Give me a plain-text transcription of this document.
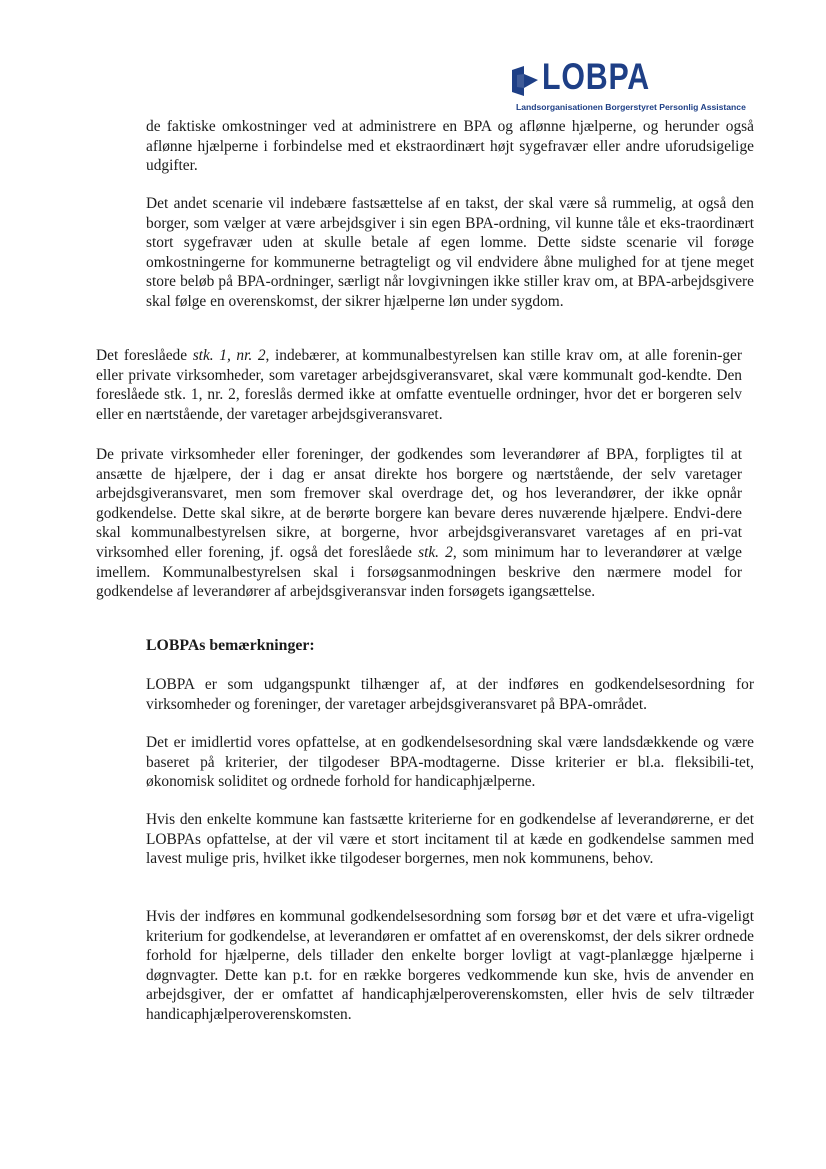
LOBPA
Landsorganisationen Borgerstyret Personlig Assistance
de faktiske omkostninger ved at administrere en BPA og aflønne hjælperne, og herunder også aflønne hjælperne i forbindelse med et ekstraordinært højt sygefravær eller andre uforudsigelige udgifter.
Det andet scenarie vil indebære fastsættelse af en takst, der skal være så rummelig, at også den borger, som vælger at være arbejdsgiver i sin egen BPA-ordning, vil kunne tåle et eks-traordinært stort sygefravær uden at skulle betale af egen lomme. Dette sidste scenarie vil forøge omkostningerne for kommunerne betragteligt og vil endvidere åbne mulighed for at tjene meget store beløb på BPA-ordninger, særligt når lovgivningen ikke stiller krav om, at BPA-arbejdsgivere skal følge en overenskomst, der sikrer hjælperne løn under sygdom.
Det foreslåede stk. 1, nr. 2, indebærer, at kommunalbestyrelsen kan stille krav om, at alle forenin-ger eller private virksomheder, som varetager arbejdsgiveransvaret, skal være kommunalt god-kendte. Den foreslåede stk. 1, nr. 2, foreslås dermed ikke at omfatte eventuelle ordninger, hvor det er borgeren selv eller en nærtstående, der varetager arbejdsgiveransvaret.
De private virksomheder eller foreninger, der godkendes som leverandører af BPA, forpligtes til at ansætte de hjælpere, der i dag er ansat direkte hos borgere og nærtstående, der selv varetager arbejdsgiveransvaret, men som fremover skal overdrage det, og hos leverandører, der ikke opnår godkendelse. Dette skal sikre, at de berørte borgere kan bevare deres nuværende hjælpere. Endvi-dere skal kommunalbestyrelsen sikre, at borgerne, hvor arbejdsgiveransvaret varetages af en pri-vat virksomhed eller forening, jf. også det foreslåede stk. 2, som minimum har to leverandører at vælge imellem. Kommunalbestyrelsen skal i forsøgsanmodningen beskrive den nærmere model for godkendelse af leverandører af arbejdsgiveransvar inden forsøgets igangsættelse.
LOBPAs bemærkninger:
LOBPA er som udgangspunkt tilhænger af, at der indføres en godkendelsesordning for virksomheder og foreninger, der varetager arbejdsgiveransvaret på BPA-området.
Det er imidlertid vores opfattelse, at en godkendelsesordning skal være landsdækkende og være baseret på kriterier, der tilgodeser BPA-modtagerne. Disse kriterier er bl.a. fleksibili-tet, økonomisk soliditet og ordnede forhold for handicaphjælperne.
Hvis den enkelte kommune kan fastsætte kriterierne for en godkendelse af leverandørerne, er det LOBPAs opfattelse, at der vil være et stort incitament til at kæde en godkendelse sammen med lavest mulige pris, hvilket ikke tilgodeser borgernes, men nok kommunens, behov.
Hvis der indføres en kommunal godkendelsesordning som forsøg bør et det være et ufra-vigeligt kriterium for godkendelse, at leverandøren er omfattet af en overenskomst, der dels sikrer ordnede forhold for hjælperne, dels tillader den enkelte borger lovligt at vagt-planlægge hjælperne i døgnvagter. Dette kan p.t. for en række borgeres vedkommende kun ske, hvis de anvender en arbejdsgiver, der er omfattet af handicaphjælperoverenskomsten, eller hvis de selv tiltræder handicaphjælperoverenskomsten.
